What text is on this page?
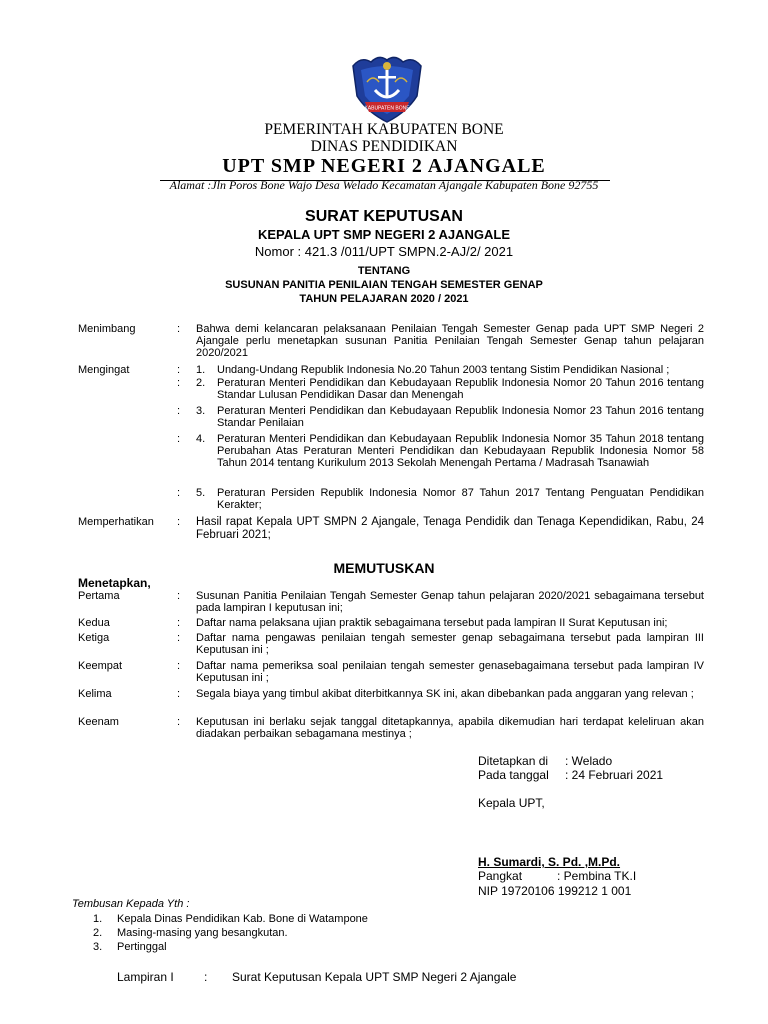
KABUPATEN BONE
PEMERINTAH KABUPATEN BONE
DINAS PENDIDIKAN
UPT SMP NEGERI 2 AJANGALE
Alamat :Jln Poros Bone Wajo Desa Welado Kecamatan Ajangale Kabupaten Bone 92755
SURAT KEPUTUSAN
KEPALA UPT SMP NEGERI 2 AJANGALE
Nomor : 421.3 /011/UPT SMPN.2-AJ/2/ 2021
TENTANG
SUSUNAN PANITIA PENILAIAN TENGAH SEMESTER GENAP
TAHUN PELAJARAN 2020 / 2021
Menimbang	: Bahwa demi kelancaran pelaksanaan Penilaian Tengah Semester Genap pada UPT SMP Negeri 2 Ajangale perlu menetapkan susunan Panitia Penilaian Tengah Semester Genap tahun pelajaran 2020/2021
Mengingat	: 1. Undang-Undang Republik Indonesia No.20 Tahun 2003 tentang Sistim Pendidikan Nasional ;
: 2. Peraturan Menteri Pendidikan dan Kebudayaan Republik Indonesia Nomor 20 Tahun 2016 tentang Standar Lulusan Pendidikan Dasar dan Menengah
: 3. Peraturan Menteri Pendidikan dan Kebudayaan Republik Indonesia Nomor 23 Tahun 2016 tentang Standar Penilaian
: 4. Peraturan Menteri Pendidikan dan Kebudayaan Republik Indonesia Nomor 35 Tahun 2018 tentang Perubahan Atas Peraturan Menteri Pendidikan dan Kebudayaan Republik Indonesia Nomor 58 Tahun 2014 tentang Kurikulum 2013 Sekolah Menengah Pertama / Madrasah Tsanawiah
: 5. Peraturan Persiden Republik Indonesia Nomor 87 Tahun 2017 Tentang Penguatan Pendidikan Kerakter;
Memperhatikan : Hasil rapat Kepala UPT SMPN 2 Ajangale, Tenaga Pendidik dan Tenaga Kependidikan, Rabu, 24 Februari 2021;
MEMUTUSKAN
Menetapkan,
Pertama	: Susunan Panitia Penilaian Tengah Semester Genap tahun pelajaran 2020/2021 sebagaimana tersebut pada lampiran I keputusan ini;
Kedua	: Daftar nama pelaksana ujian praktik sebagaimana tersebut pada lampiran II Surat Keputusan ini;
Ketiga	: Daftar nama pengawas penilaian tengah semester genap sebagaimana tersebut pada lampiran III Keputusan ini ;
Keempat	: Daftar nama pemeriksa soal penilaian tengah semester genasebagaimana tersebut pada lampiran IV Keputusan ini ;
Kelima	: Segala biaya yang timbul akibat diterbitkannya SK ini, akan dibebankan pada anggaran yang relevan ;
Keenam	: Keputusan ini berlaku sejak tanggal ditetapkannya, apabila dikemudian hari terdapat keleliruan akan diadakan perbaikan sebagamana mestinya ;
Ditetapkan di : Welado
Pada tanggal : 24 Februari 2021
Kepala UPT,
H. Sumardi, S. Pd. ,M.Pd.
Pangkat	: Pembina TK.I
NIP 19720106 199212 1 001
Tembusan Kepada Yth :
1. Kepala Dinas Pendidikan Kab. Bone di Watampone
2. Masing-masing yang besangkutan.
3. Pertinggal
Lampiran I	: Surat Keputusan Kepala UPT SMP Negeri 2 Ajangale
